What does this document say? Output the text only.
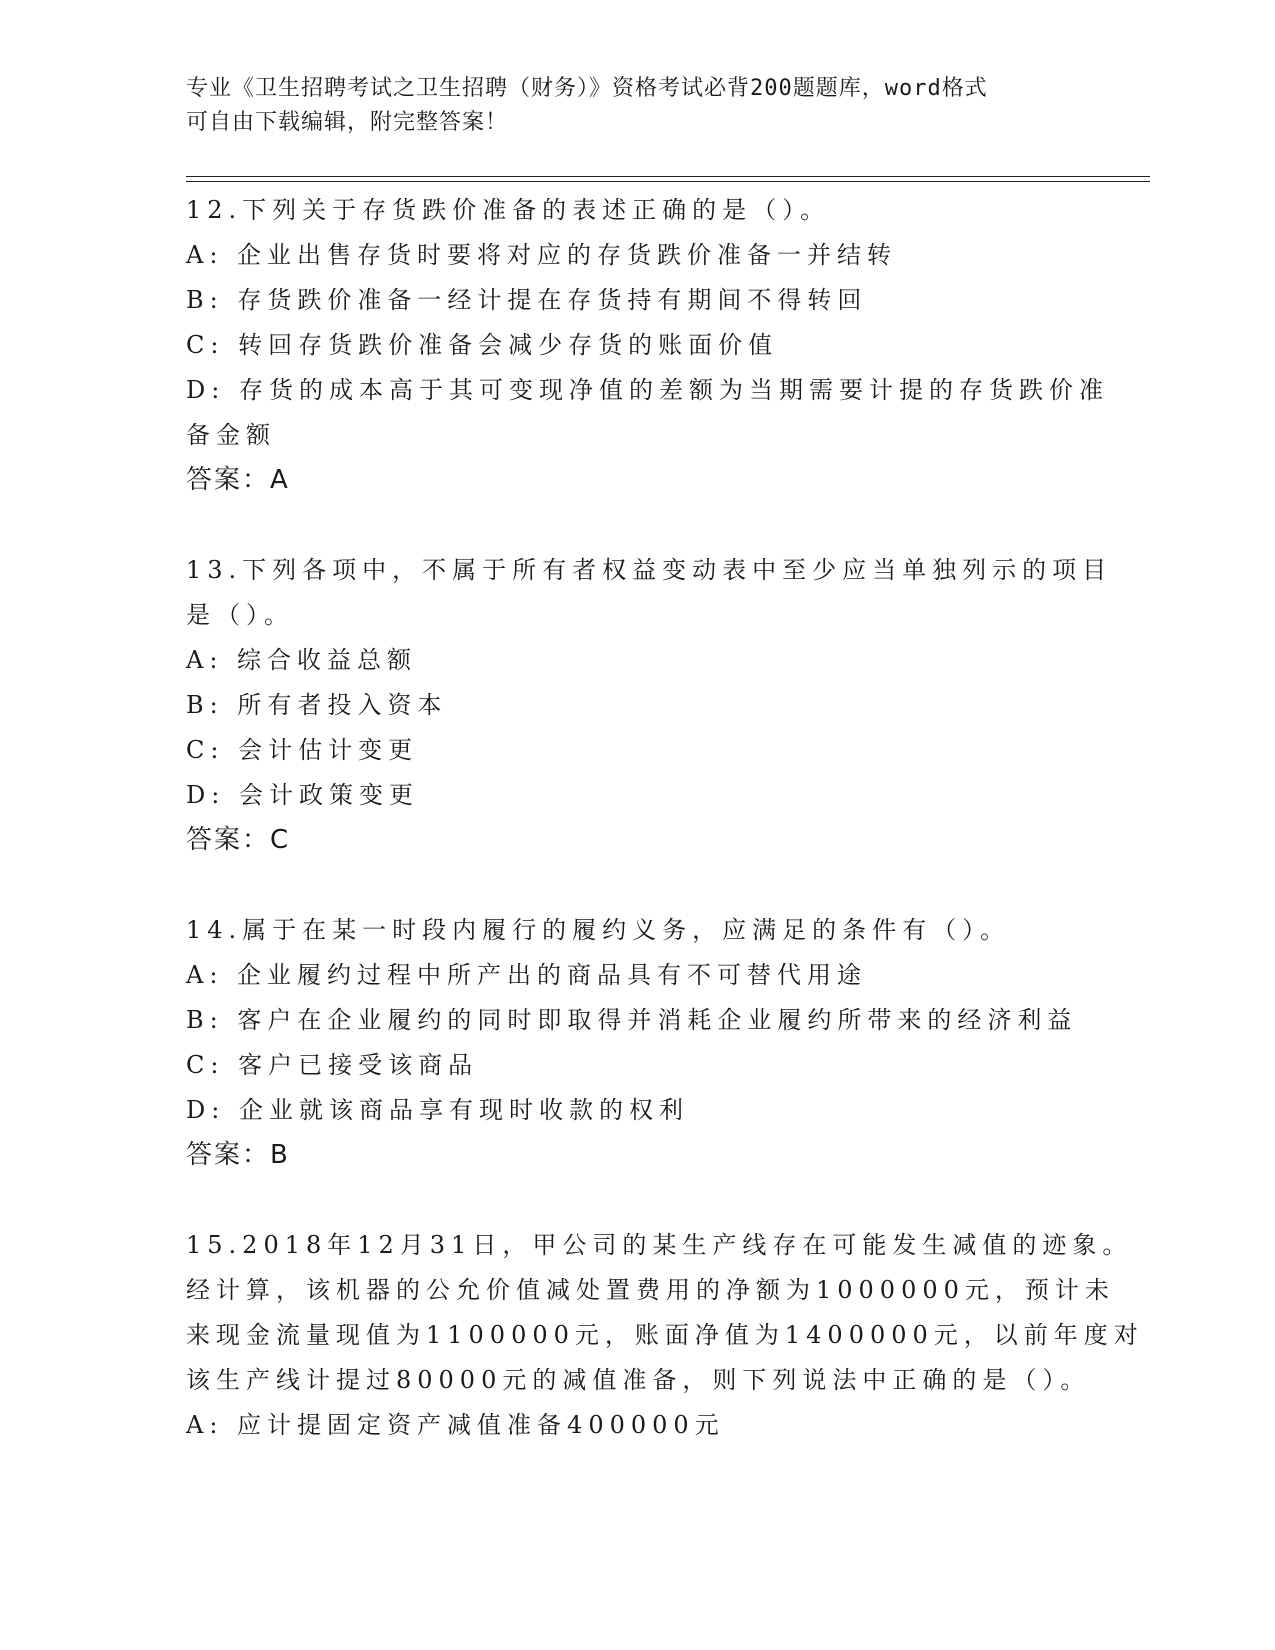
专业《卫生招聘考试之卫生招聘（财务）》资格考试必背200题题库，word格式
可自由下载编辑，附完整答案！
12.下列关于存货跌价准备的表述正确的是（）。
A: 企业出售存货时要将对应的存货跌价准备一并结转
B: 存货跌价准备一经计提在存货持有期间不得转回
C: 转回存货跌价准备会减少存货的账面价值
D: 存货的成本高于其可变现净值的差额为当期需要计提的存货跌价准
备金额
答案：A
13.下列各项中，不属于所有者权益变动表中至少应当单独列示的项目
是（）。
A: 综合收益总额
B: 所有者投入资本
C: 会计估计变更
D: 会计政策变更
答案：C
14.属于在某一时段内履行的履约义务，应满足的条件有（）。
A: 企业履约过程中所产出的商品具有不可替代用途
B: 客户在企业履约的同时即取得并消耗企业履约所带来的经济利益
C: 客户已接受该商品
D: 企业就该商品享有现时收款的权利
答案：B
15.2018年12月31日，甲公司的某生产线存在可能发生减值的迹象。
经计算，该机器的公允价值减处置费用的净额为1000000元，预计未
来现金流量现值为1100000元，账面净值为1400000元，以前年度对
该生产线计提过80000元的减值准备，则下列说法中正确的是（）。
A: 应计提固定资产减值准备400000元
